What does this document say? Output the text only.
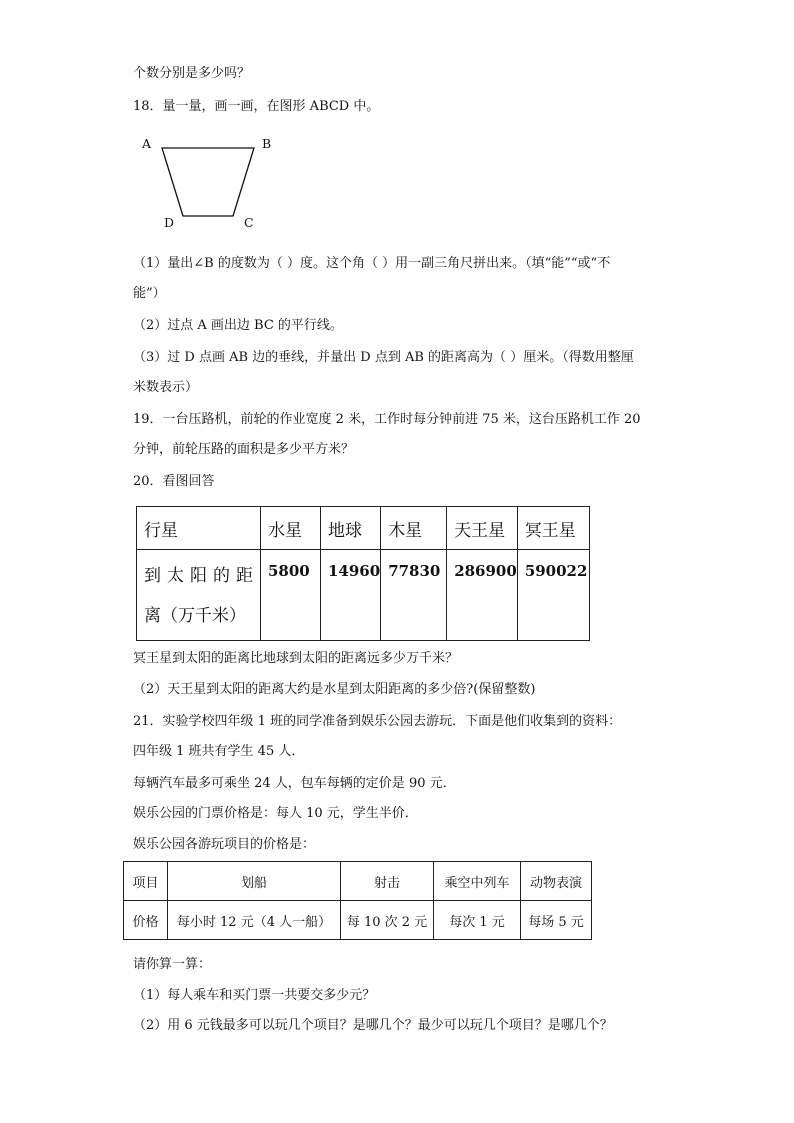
个数分别是多少吗？
18．量一量，画一画，在图形 ABCD 中。
A	B
D	C
（1）量出∠B 的度数为（ ）度。这个角（ ）用一副三角尺拼出来。（填“能”“或“不
能”）
（2）过点 A 画出边 BC 的平行线。
（3）过 D 点画 AB 边的垂线，并量出 D 点到 AB 的距离高为（ ）厘米。（得数用整厘
米数表示）
19．一台压路机，前轮的作业宽度 2 米，工作时每分钟前进 75 米，这台压路机工作 20
分钟，前轮压路的面积是多少平方米？
20．看图回答
行星	水星	地球	木星	天王星	冥王星

到太阳的距
离（万千米）	5800	14960	77830	286900	590022
冥王星到太阳的距离比地球到太阳的距离远多少万千米？
（2）天王星到太阳的距离大约是水星到太阳距离的多少倍?(保留整数)
21．实验学校四年级 1 班的同学准备到娱乐公园去游玩．下面是他们收集到的资料：
四年级 1 班共有学生 45 人．
每辆汽车最多可乘坐 24 人，包车每辆的定价是 90 元．
娱乐公园的门票价格是：每人 10 元，学生半价．
娱乐公园各游玩项目的价格是：
项目	划船	射击	乘空中列车	动物表演
价格	每小时 12 元（4 人一船）	每 10 次 2 元	每次 1 元	每场 5 元
请你算一算：
（1）每人乘车和买门票一共要交多少元？
（2）用 6 元钱最多可以玩几个项目？是哪几个？最少可以玩几个项目？是哪几个？
